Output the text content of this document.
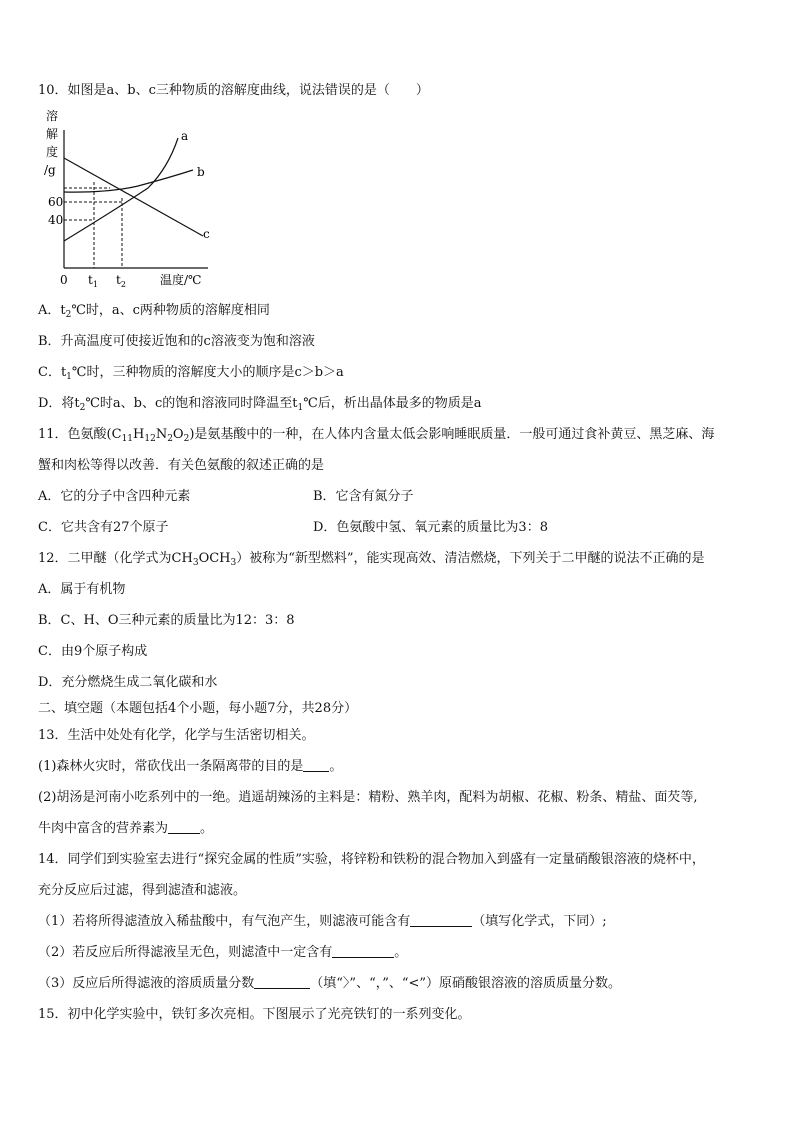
10．如图是a、b、c三种物质的溶解度曲线，说法错误的是（　　）
溶
解
度
/g
a
b
c
60
40
0 $t_1$ $t_2$	温度/℃
A．$t_2℃$时，a、c两种物质的溶解度相同
B．升高温度可使接近饱和的c溶液变为饱和溶液
C．$t_1℃$时，三种物质的溶解度大小的顺序是c＞b＞a
D．将$t_2℃$时a、b、c的饱和溶液同时降温至$t_1℃$后，析出晶体最多的物质是a
11．色氨酸$(C_{11}H_{12}N_2O_2)$是氨基酸中的一种，在人体内含量太低会影响睡眠质量．一般可通过食补黄豆、黑芝麻、海
蟹和肉松等得以改善．有关色氨酸的叙述正确的是
A．它的分子中含四种元素	B．它含有氮分子
C．它共含有27个原子	D．色氨酸中氢、氧元素的质量比为3：8
12．二甲醚（化学式为$CH_3OCH_3$）被称为“新型燃料”，能实现高效、清洁燃烧，下列关于二甲醚的说法不正确的是
A．属于有机物
B．C、H、O三种元素的质量比为12：3：8
C．由9个原子构成
D．充分燃烧生成二氧化碳和水
二、填空题（本题包括4个小题，每小题7分，共28分）
13．生活中处处有化学，化学与生活密切相关。
(1)森林火灾时，常砍伐出一条隔离带的目的是 。
(2)胡汤是河南小吃系列中的一绝。逍遥胡辣汤的主料是：精粉、熟羊肉，配料为胡椒、花椒、粉条、精盐、面芡等,
牛肉中富含的营养素为 。
14．同学们到实验室去进行“探究金属的性质”实验，将锌粉和铁粉的混合物加入到盛有一定量硝酸银溶液的烧杯中，
充分反应后过滤，得到滤渣和滤液。
（1）若将所得滤渣放入稀盐酸中，有气泡产生，则滤液可能含有	（填写化学式，下同）;
（2）若反应后所得滤液呈无色，则滤渣中一定含有	。
（3）反应后所得滤液的溶质质量分数	（填“〉”、“，”、“<”）原硝酸银溶液的溶质质量分数。
15．初中化学实验中，铁钉多次亮相。下图展示了光亮铁钉的一系列变化。
